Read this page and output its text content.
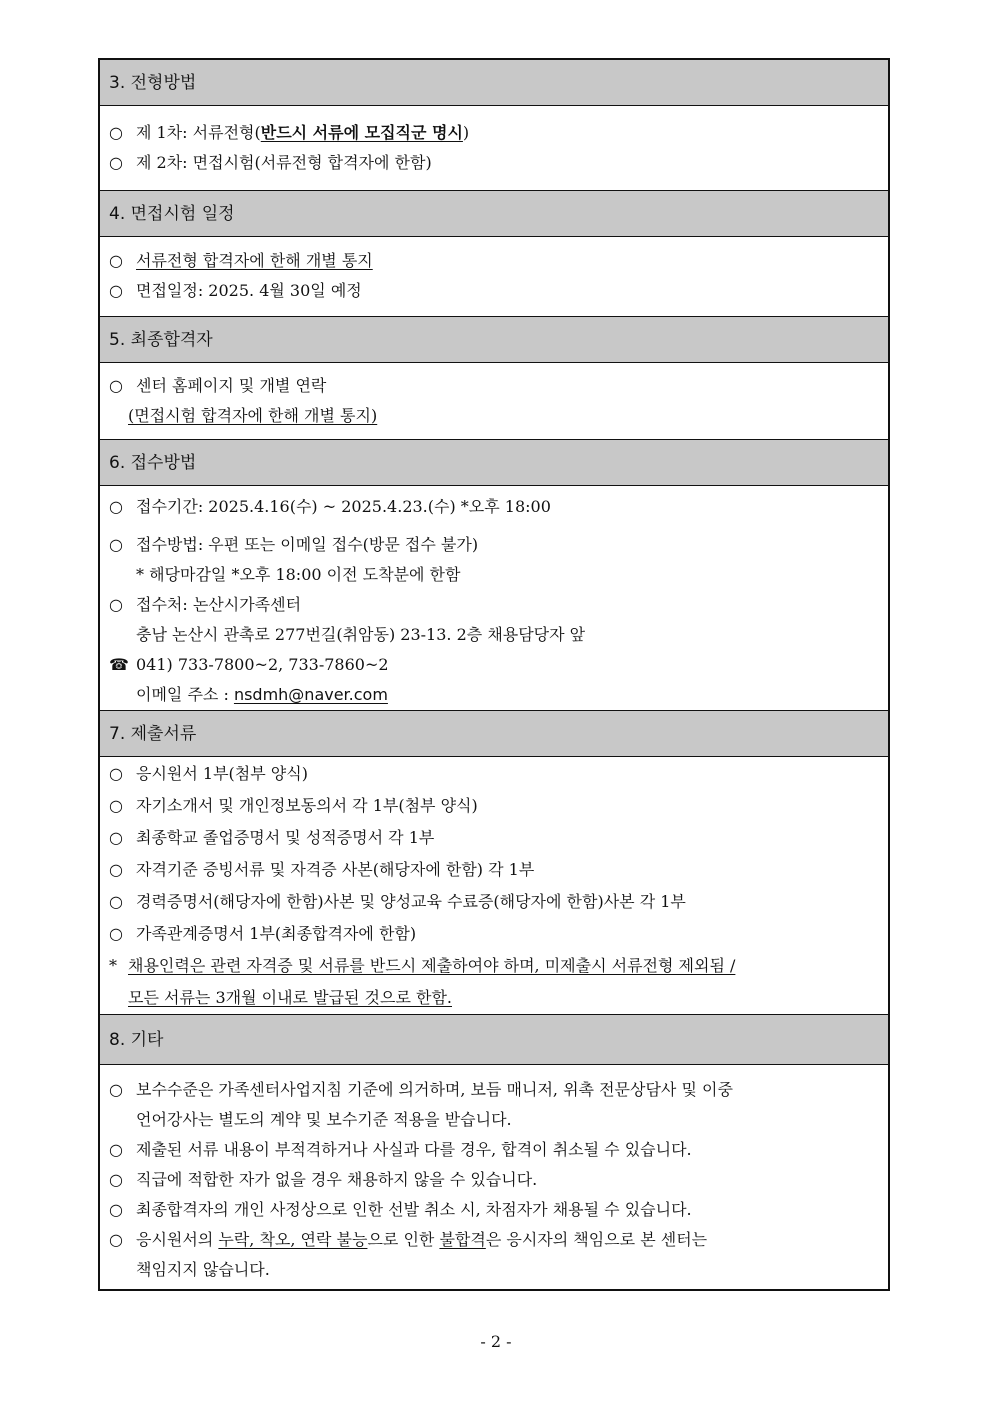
3. 전형방법
○ 제 1차: 서류전형(반드시 서류에 모집직군 명시)
○ 제 2차: 면접시험(서류전형 합격자에 한함)
4. 면접시험 일정
○ 서류전형 합격자에 한해 개별 통지
○ 면접일정: 2025. 4월 30일 예정
5. 최종합격자
○ 센터 홈페이지 및 개별 연락
(면접시험 합격자에 한해 개별 통지)
6. 접수방법
○ 접수기간: 2025.4.16(수) ~ 2025.4.23.(수) *오후 18:00
○ 접수방법: 우편 또는 이메일 접수(방문 접수 불가)
* 해당마감일 *오후 18:00 이전 도착분에 한함
○ 접수처: 논산시가족센터
충남 논산시 관촉로 277번길(취암동) 23-13. 2층 채용담당자 앞
☎ 041) 733-7800~2, 733-7860~2
이메일 주소 : nsdmh@naver.com
7. 제출서류
○ 응시원서 1부(첨부 양식)
○ 자기소개서 및 개인정보동의서 각 1부(첨부 양식)
○ 최종학교 졸업증명서 및 성적증명서 각 1부
○ 자격기준 증빙서류 및 자격증 사본(해당자에 한함) 각 1부
○ 경력증명서(해당자에 한함)사본 및 양성교육 수료증(해당자에 한함)사본 각 1부
○ 가족관계증명서 1부(최종합격자에 한함)
* 채용인력은 관련 자격증 및 서류를 반드시 제출하여야 하며, 미제출시 서류전형 제외됨 /
모든 서류는 3개월 이내로 발급된 것으로 한함.
8. 기타
○ 보수수준은 가족센터사업지침 기준에 의거하며, 보듬 매니저, 위촉 전문상담사 및 이중
언어강사는 별도의 계약 및 보수기준 적용을 받습니다.
○ 제출된 서류 내용이 부적격하거나 사실과 다를 경우, 합격이 취소될 수 있습니다.
○ 직급에 적합한 자가 없을 경우 채용하지 않을 수 있습니다.
○ 최종합격자의 개인 사정상으로 인한 선발 취소 시, 차점자가 채용될 수 있습니다.
○ 응시원서의 누락, 착오, 연락 불능으로 인한 불합격은 응시자의 책임으로 본 센터는
책임지지 않습니다.
- 2 -
